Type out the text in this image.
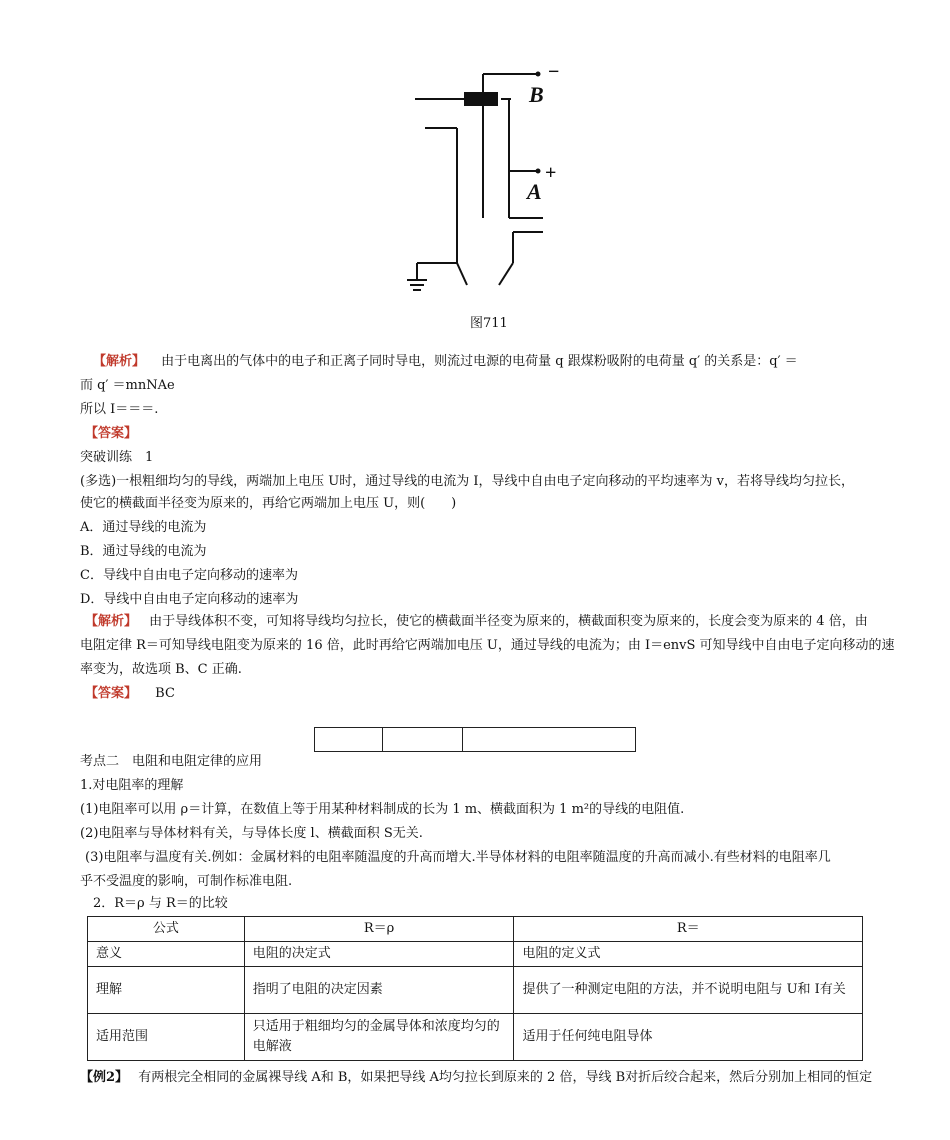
B
−
A
+
图711
【解析】 由于电离出的气体中的电子和正离子同时导电，则流过电源的电荷量 q 跟煤粉吸附的电荷量 q′ 的关系是：q′ ＝
而 q′ ＝mnNAe
所以 I＝＝＝.
【答案】
突破训练　1
(多选)一根粗细均匀的导线，两端加上电压 U时，通过导线的电流为 I，导线中自由电子定向移动的平均速率为 v，若将导线均匀拉长，
使它的横截面半径变为原来的，再给它两端加上电压 U，则(　　)
A．通过导线的电流为
B．通过导线的电流为
C．导线中自由电子定向移动的速率为
D．导线中自由电子定向移动的速率为
【解析】 由于导线体积不变，可知将导线均匀拉长，使它的横截面半径变为原来的，横截面积变为原来的，长度会变为原来的 4 倍，由
电阻定律 R＝可知导线电阻变为原来的 16 倍，此时再给它两端加电压 U，通过导线的电流为；由 I＝envS 可知导线中自由电子定向移动的速
率变为，故选项 B、C 正确.
【答案】 BC
考点二　电阻和电阻定律的应用
1.对电阻率的理解
(1)电阻率可以用 ρ＝计算，在数值上等于用某种材料制成的长为 1 m、横截面积为 1 m²的导线的电阻值.
(2)电阻率与导体材料有关，与导体长度 l、横截面积 S无关.
(3)电阻率与温度有关.例如：金属材料的电阻率随温度的升高而增大.半导体材料的电阻率随温度的升高而减小.有些材料的电阻率几
乎不受温度的影响，可制作标准电阻.
2．R＝ρ 与 R＝的比较
公式	R＝ρ	R＝
意义	电阻的决定式	电阻的定义式
理解	指明了电阻的决定因素	提供了一种测定电阻的方法，并不说明电阻与 U和 I有关
适用范围	只适用于粗细均匀的金属导体和浓度均匀的电解液	适用于任何纯电阻导体
【例2】 有两根完全相同的金属裸导线 A和 B，如果把导线 A均匀拉长到原来的 2 倍，导线 B对折后绞合起来，然后分别加上相同的恒定
